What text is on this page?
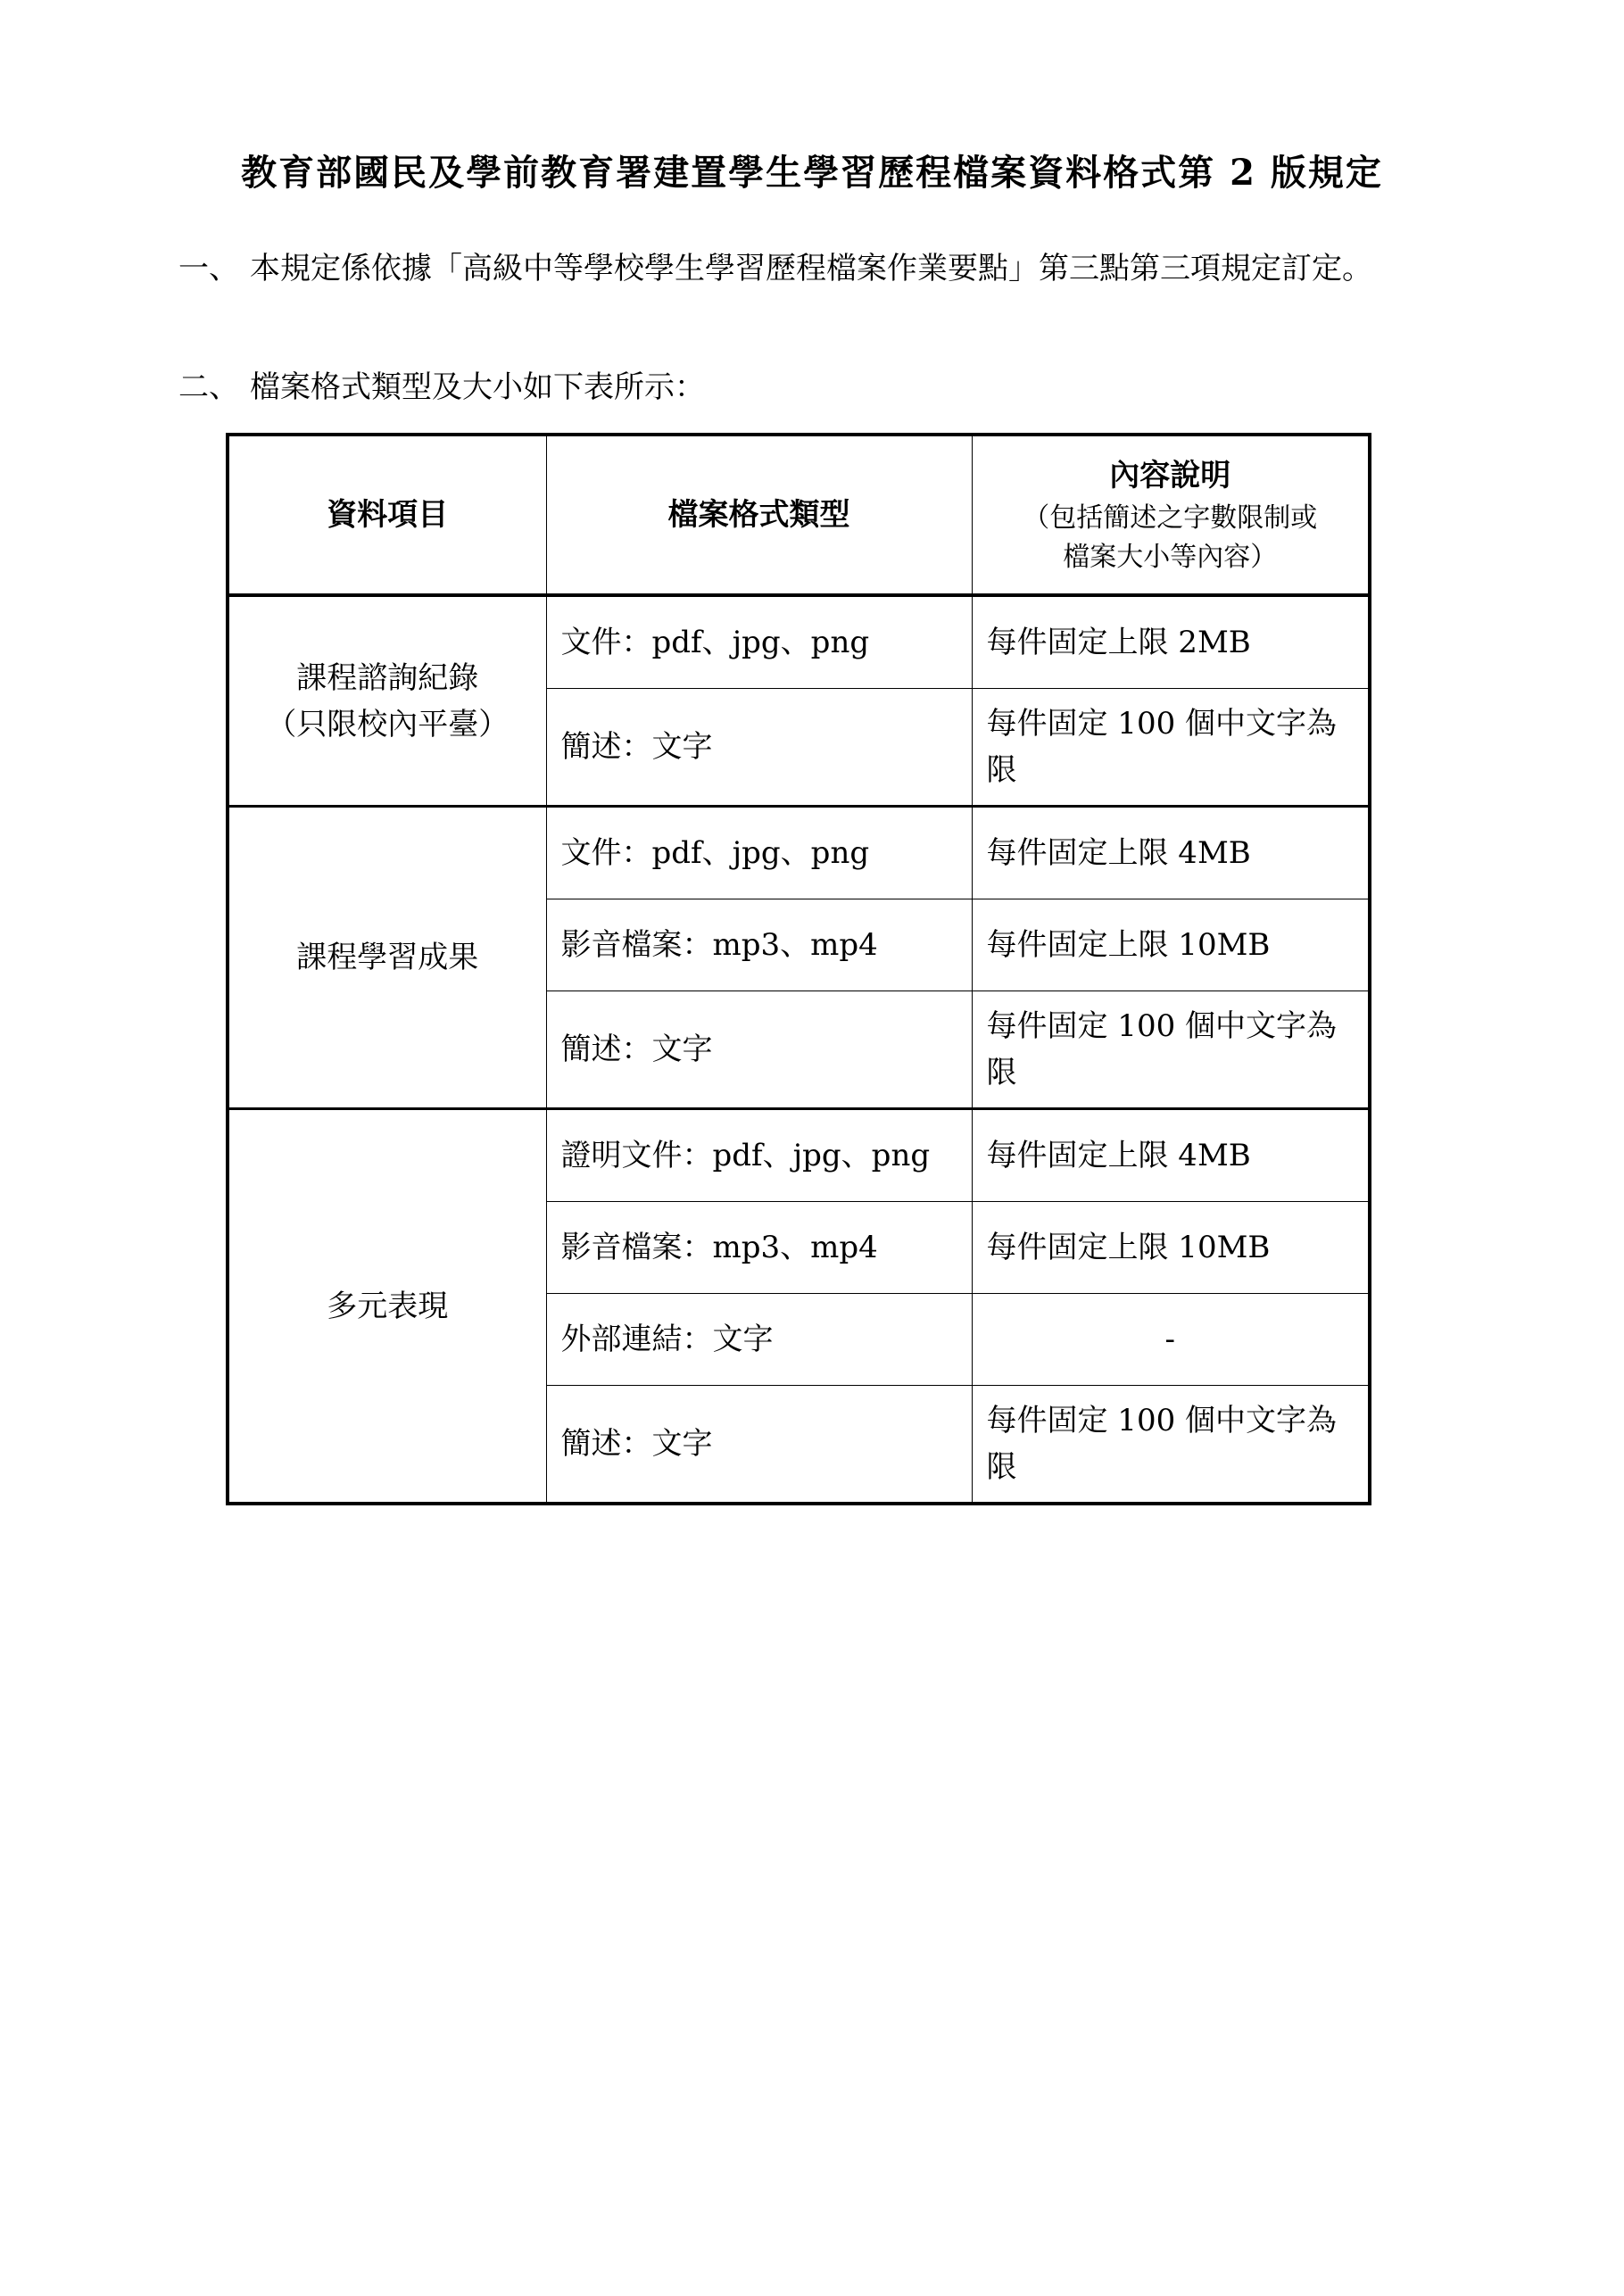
教育部國民及學前教育署建置學生學習歷程檔案資料格式第 2 版規定
一、 本規定係依據「高級中等學校學生學習歷程檔案作業要點」第三點第三項規定訂定。
二、 檔案格式類型及大小如下表所示：
資料項目	檔案格式類型	內容說明
（包括簡述之字數限制或
檔案大小等內容）

課程諮詢紀錄
（只限校內平臺）	文件：pdf、jpg、png	每件固定上限 2MB
	簡述：文字	每件固定 100 個中文字為限

課程學習成果	文件：pdf、jpg、png	每件固定上限 4MB
	影音檔案：mp3、mp4	每件固定上限 10MB
	簡述：文字	每件固定 100 個中文字為限

多元表現	證明文件：pdf、jpg、png	每件固定上限 4MB
	影音檔案：mp3、mp4	每件固定上限 10MB
	外部連結：文字	-
	簡述：文字	每件固定 100 個中文字為限
